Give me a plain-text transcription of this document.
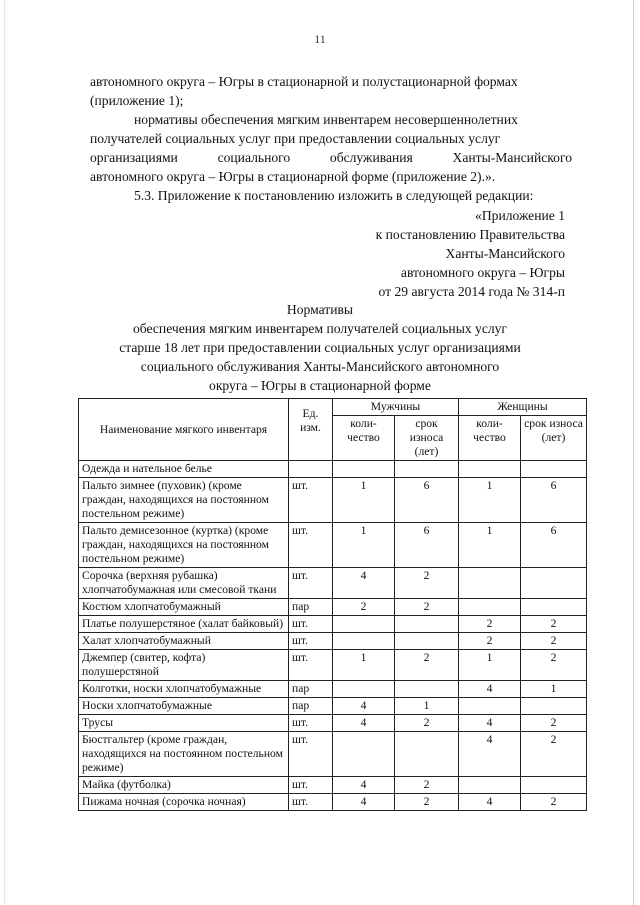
11
автономного округа – Югры в стационарной и полустационарной формах
(приложение 1);
нормативы обеспечения мягким инвентарем несовершеннолетних
получателей социальных услуг при предоставлении социальных услуг
организациями	социального	обслуживания	Ханты-Мансийского
автономного округа – Югры в стационарной форме (приложение 2).».
5.3. Приложение к постановлению изложить в следующей редакции:
«Приложение 1
к постановлению Правительства
Ханты-Мансийского
автономного округа – Югры
от 29 августа 2014 года № 314-п
Нормативы
обеспечения мягким инвентарем получателей социальных услуг
старше 18 лет при предоставлении социальных услуг организациями
социального обслуживания Ханты-Мансийского автономного
округа – Югры в стационарной форме
Наименование мягкого инвентаря	Ед. изм.	Мужчины		Женщины	
		коли-чество	срок износа (лет)	коли-чество	срок износа (лет)
Одежда и нательное белье					
Пальто зимнее (пуховик) (кроме граждан, находящихся на постоянном постельном режиме)	шт.	1	6	1	6
Пальто демисезонное (куртка) (кроме граждан, находящихся на постоянном постельном режиме)	шт.	1	6	1	6
Сорочка (верхняя рубашка) хлопчатобумажная или смесовой ткани	шт.	4	2		
Костюм хлопчатобумажный	пар	2	2		
Платье полушерстяное (халат байковый)	шт.			2	2
Халат хлопчатобумажный	шт.			2	2
Джемпер (свитер, кофта) полушерстяной	шт.	1	2	1	2
Колготки, носки хлопчатобумажные	пар			4	1
Носки хлопчатобумажные	пар	4	1		
Трусы	шт.	4	2	4	2
Бюстгальтер (кроме граждан, находящихся на постоянном постельном режиме)	шт.			4	2
Майка (футболка)	шт.	4	2		
Пижама ночная (сорочка ночная)	шт.	4	2	4	2
